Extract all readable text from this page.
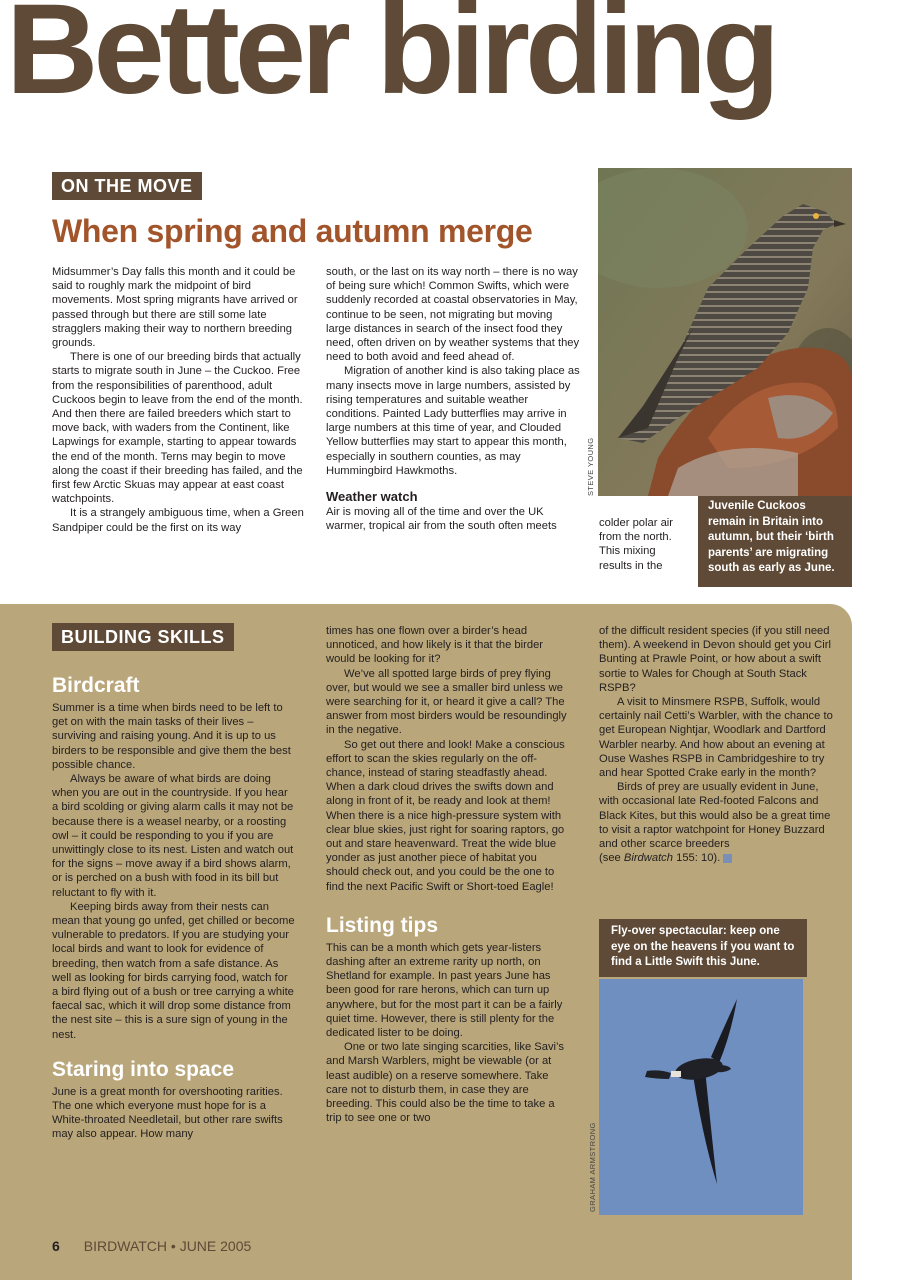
Better birding
ON THE MOVE
When spring and autumn merge

Midsummer’s Day falls this month and it could be said to roughly mark the midpoint of bird movements. Most spring migrants have arrived or passed through but there are still some late stragglers making their way to northern breeding grounds.

There is one of our breeding birds that actually starts to migrate south in June – the Cuckoo. Free from the responsibilities of parenthood, adult Cuckoos begin to leave from the end of the month. And then there are failed breeders which start to move back, with waders from the Continent, like Lapwings for example, starting to appear towards the end of the month. Terns may begin to move along the coast if their breeding has failed, and the first few Arctic Skuas may appear at east coast watchpoints.

It is a strangely ambiguous time, when a Green Sandpiper could be the first on its way

south, or the last on its way north – there is no way of being sure which! Common Swifts, which were suddenly recorded at coastal observatories in May, continue to be seen, not migrating but moving large distances in search of the insect food they need, often driven on by weather systems that they need to both avoid and feed ahead of.

Migration of another kind is also taking place as many insects move in large numbers, assisted by rising temperatures and suitable weather conditions. Painted Lady butterflies may arrive in large numbers at this time of year, and Clouded Yellow butterflies may start to appear this month, especially in southern counties, as may Hummingbird Hawkmoths.

Weather watch

Air is moving all of the time and over the UK warmer, tropical air from the south often meets	colder polar air from the north. This mixing results in the

STEVE YOUNG
Juvenile Cuckoos remain in Britain into autumn, but their ‘birth parents’ are migrating south as early as June.
BUILDING SKILLS
Birdcraft

Summer is a time when birds need to be left to get on with the main tasks of their lives – surviving and raising young. And it is up to us birders to be responsible and give them the best possible chance.

Always be aware of what birds are doing when you are out in the countryside. If you hear a bird scolding or giving alarm calls it may not be because there is a weasel nearby, or a roosting owl – it could be responding to you if you are unwittingly close to its nest. Listen and watch out for the signs – move away if a bird shows alarm, or is perched on a bush with food in its bill but reluctant to fly with it.

Keeping birds away from their nests can mean that young go unfed, get chilled or become vulnerable to predators. If you are studying your local birds and want to look for evidence of breeding, then watch from a safe distance. As well as looking for birds carrying food, watch for a bird flying out of a bush or tree carrying a white faecal sac, which it will drop some distance from the nest site – this is a sure sign of young in the nest.

Staring into space

June is a great month for overshooting rarities. The one which everyone must hope for is a White-throated Needletail, but other rare swifts may also appear. How many

times has one flown over a birder’s head unnoticed, and how likely is it that the birder would be looking for it?

We’ve all spotted large birds of prey flying over, but would we see a smaller bird unless we were searching for it, or heard it give a call? The answer from most birders would be resoundingly in the negative.

So get out there and look! Make a conscious effort to scan the skies regularly on the off-chance, instead of staring steadfastly ahead. When a dark cloud drives the swifts down and along in front of it, be ready and look at them! When there is a nice high-pressure system with clear blue skies, just right for soaring raptors, go out and stare heavenward. Treat the wide blue yonder as just another piece of habitat you should check out, and you could be the one to find the next Pacific Swift or Short-toed Eagle!

Listing tips

This can be a month which gets year-listers dashing after an extreme rarity up north, on Shetland for example. In past years June has been good for rare herons, which can turn up anywhere, but for the most part it can be a fairly quiet time. However, there is still plenty for the dedicated lister to be doing.

One or two late singing scarcities, like Savi’s and Marsh Warblers, might be viewable (or at least audible) on a reserve somewhere. Take care not to disturb them, in case they are breeding. This could also be the time to take a trip to see one or two

of the difficult resident species (if you still need them). A weekend in Devon should get you Cirl Bunting at Prawle Point, or how about a swift sortie to Wales for Chough at South Stack RSPB?

A visit to Minsmere RSPB, Suffolk, would certainly nail Cetti’s Warbler, with the chance to get European Nightjar, Woodlark and Dartford Warbler nearby. And how about an evening at Ouse Washes RSPB in Cambridgeshire to try and hear Spotted Crake early in the month?

Birds of prey are usually evident in June, with occasional late Red-footed Falcons and Black Kites, but this would also be a great time to visit a raptor watchpoint for Honey Buzzard and other scarce breeders

(see Birdwatch 155: 10).

Fly-over spectacular: keep one eye on the heavens if you want to find a Little Swift this June.
GRAHAM ARMSTRONG
6 BIRDWATCH • JUNE 2005
